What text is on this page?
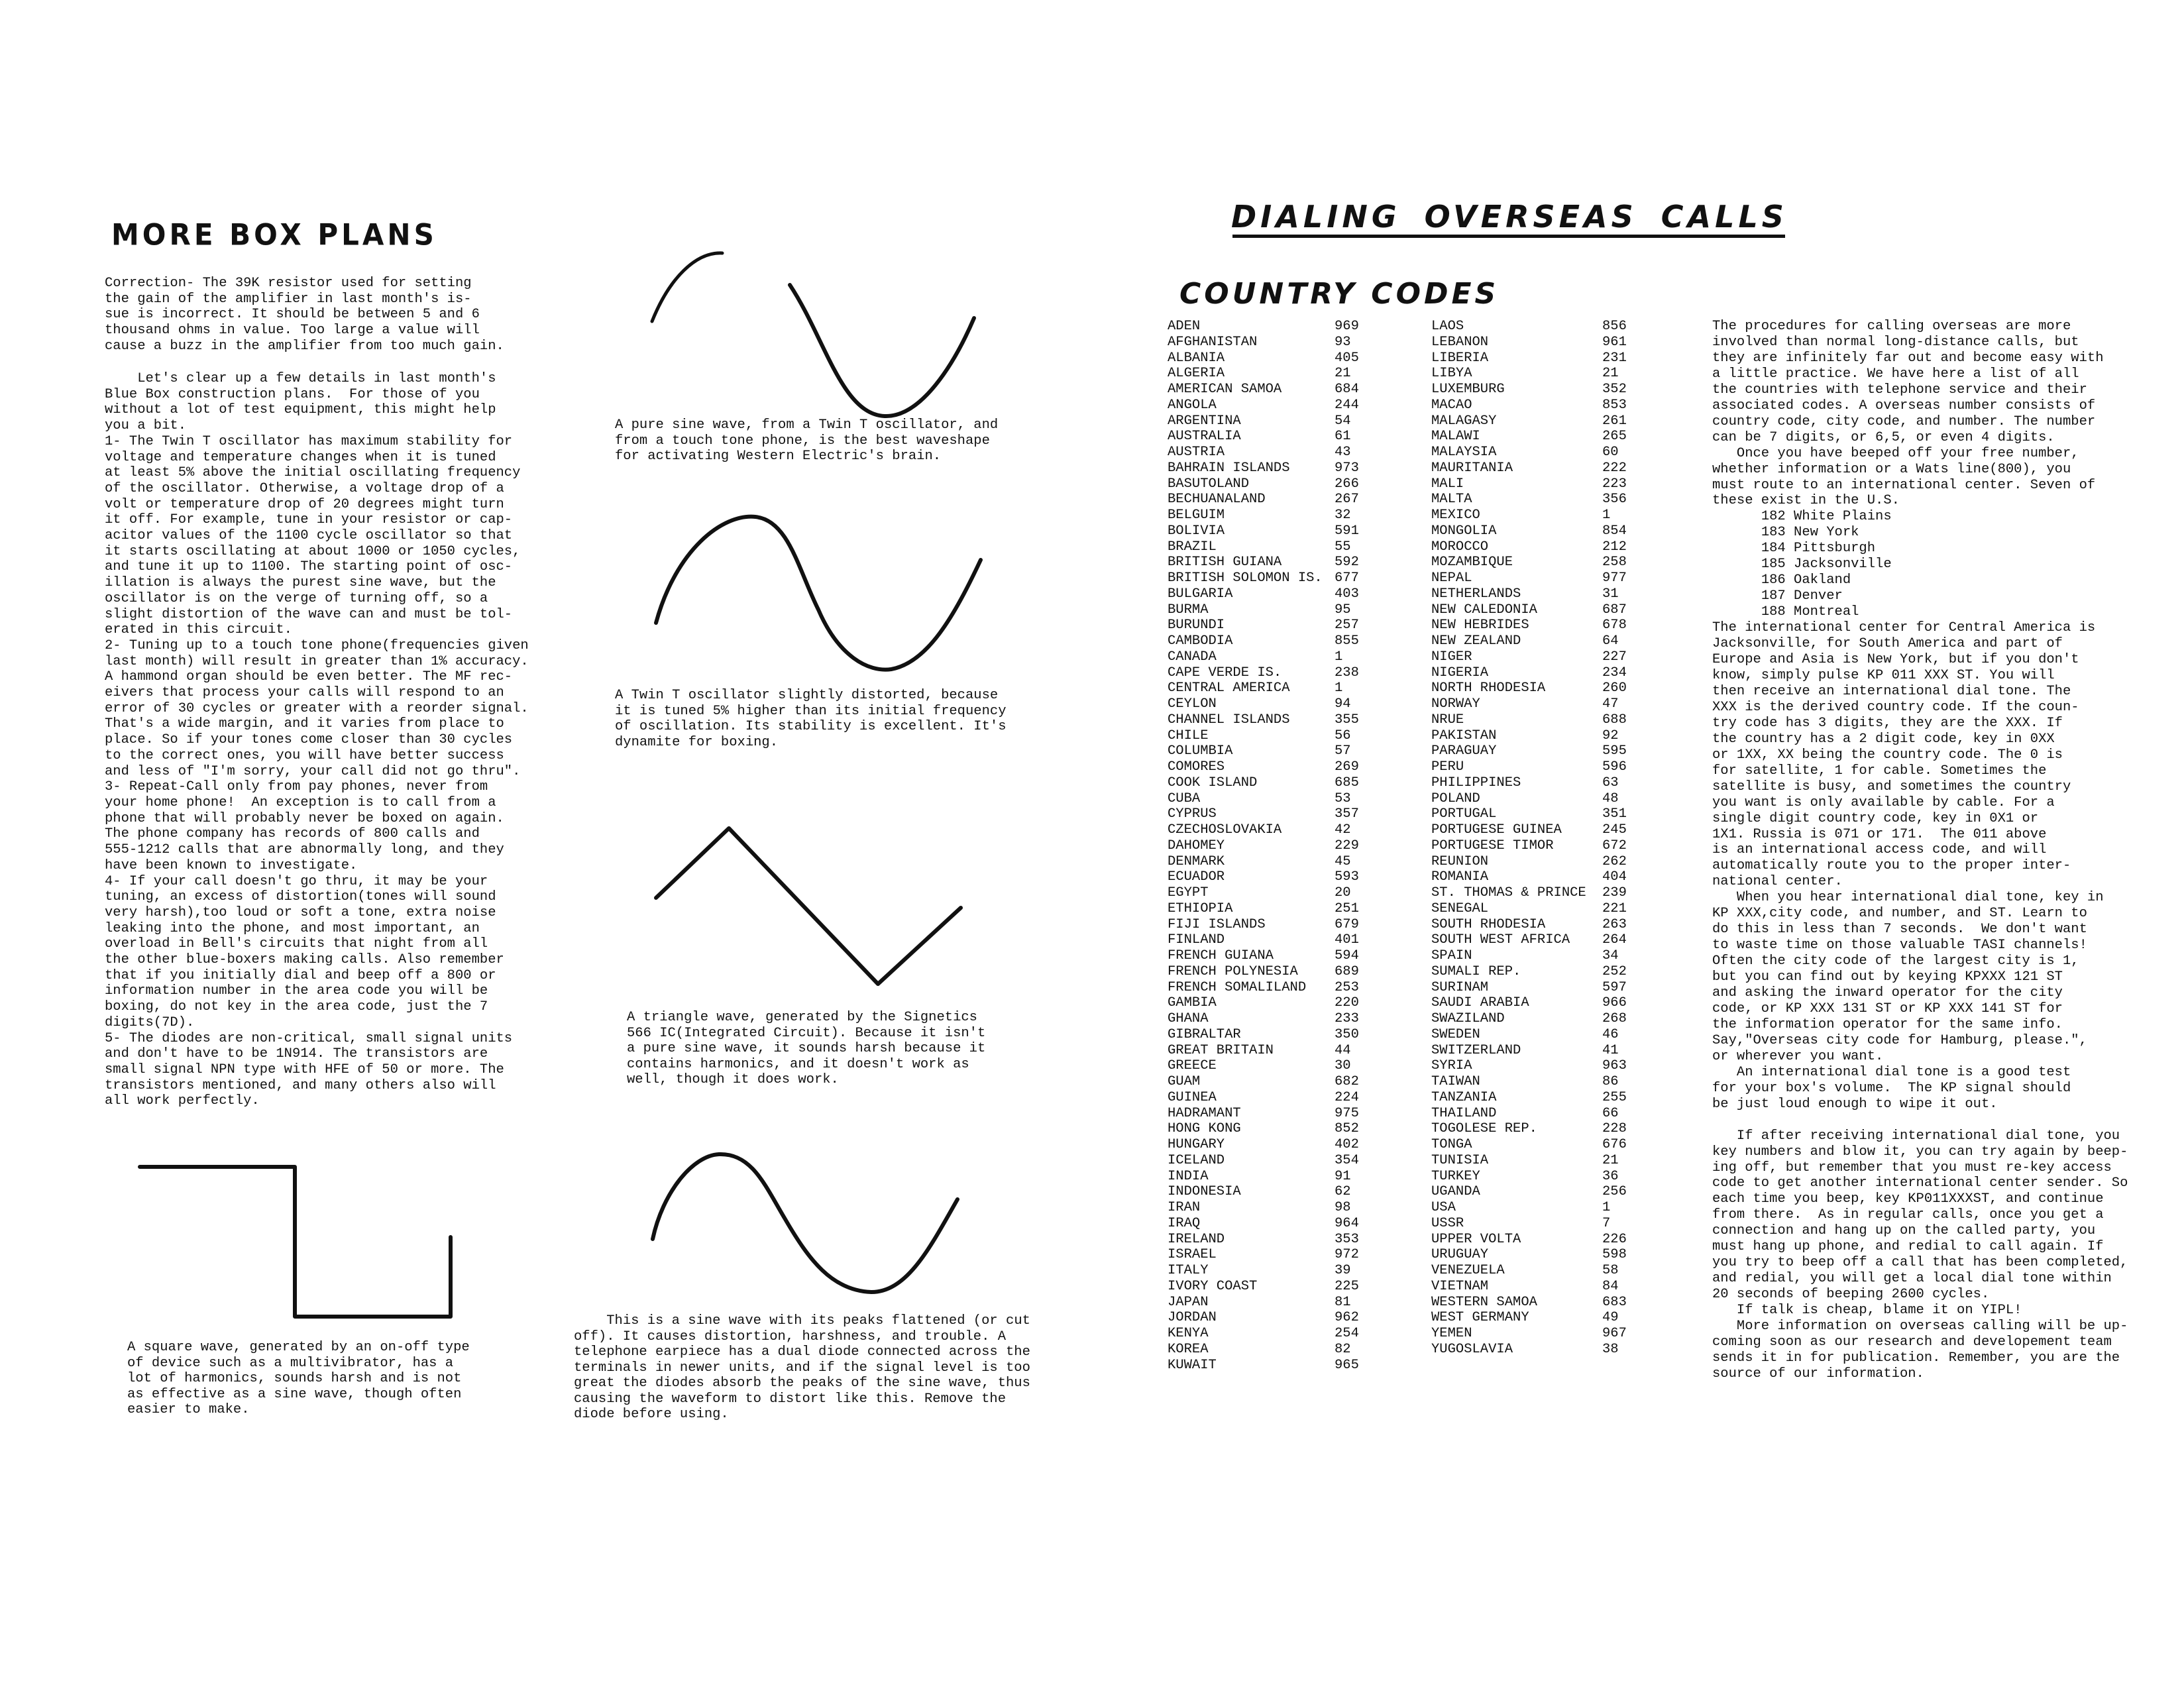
MORE BOX PLANS
Correction- The 39K resistor used for setting
the gain of the amplifier in last month's is-
sue is incorrect. It should be between 5 and 6
thousand ohms in value. Too large a value will
cause a buzz in the amplifier from too much gain.
Let's clear up a few details in last month's
Blue Box construction plans.  For those of you
without a lot of test equipment, this might help
you a bit.
1- The Twin T oscillator has maximum stability for
voltage and temperature changes when it is tuned
at least 5% above the initial oscillating frequency
of the oscillator. Otherwise, a voltage drop of a
volt or temperature drop of 20 degrees might turn
it off. For example, tune in your resistor or cap-
acitor values of the 1100 cycle oscillator so that
it starts oscillating at about 1000 or 1050 cycles,
and tune it up to 1100. The starting point of osc-
illation is always the purest sine wave, but the
oscillator is on the verge of turning off, so a
slight distortion of the wave can and must be tol-
erated in this circuit.
2- Tuning up to a touch tone phone(frequencies given
last month) will result in greater than 1% accuracy.
A hammond organ should be even better. The MF rec-
eivers that process your calls will respond to an
error of 30 cycles or greater with a reorder signal.
That's a wide margin, and it varies from place to
place. So if your tones come closer than 30 cycles
to the correct ones, you will have better success
and less of "I'm sorry, your call did not go thru".
3- Repeat-Call only from pay phones, never from
your home phone!  An exception is to call from a
phone that will probably never be boxed on again.
The phone company has records of 800 calls and
555-1212 calls that are abnormally long, and they
have been known to investigate.
4- If your call doesn't go thru, it may be your
tuning, an excess of distortion(tones will sound
very harsh),too loud or soft a tone, extra noise
leaking into the phone, and most important, an
overload in Bell's circuits that night from all
the other blue-boxers making calls. Also remember
that if you initially dial and beep off a 800 or
information number in the area code you will be
boxing, do not key in the area code, just the 7
digits(7D).
5- The diodes are non-critical, small signal units
and don't have to be 1N914. The transistors are
small signal NPN type with HFE of 50 or more. The
transistors mentioned, and many others also will
all work perfectly.
A square wave, generated by an on-off type
of device such as a multivibrator, has a
lot of harmonics, sounds harsh and is not
as effective as a sine wave, though often
easier to make.
A pure sine wave, from a Twin T oscillator, and
from a touch tone phone, is the best waveshape
for activating Western Electric's brain.
A Twin T oscillator slightly distorted, because
it is tuned 5% higher than its initial frequency
of oscillation. Its stability is excellent. It's
dynamite for boxing.
A triangle wave, generated by the Signetics
566 IC(Integrated Circuit). Because it isn't
a pure sine wave, it sounds harsh because it
contains harmonics, and it doesn't work as
well, though it does work.
This is a sine wave with its peaks flattened (or cut
off). It causes distortion, harshness, and trouble. A
telephone earpiece has a dual diode connected across the
terminals in newer units, and if the signal level is too
great the diodes absorb the peaks of the sine wave, thus
causing the waveform to distort like this. Remove the
diode before using.
DIALING OVERSEAS CALLS
COUNTRY CODES
ADEN	969
AFGHANISTAN	93
ALBANIA	405
ALGERIA	21
AMERICAN SAMOA	684
ANGOLA	244
ARGENTINA	54
AUSTRALIA	61
AUSTRIA	43
BAHRAIN ISLANDS	973
BASUTOLAND	266
BECHUANALAND	267
BELGUIM	32
BOLIVIA	591
BRAZIL	55
BRITISH GUIANA	592
BRITISH SOLOMON IS. 677
BULGARIA	403
BURMA	95
BURUNDI	257
CAMBODIA	855
CANADA	1
CAPE VERDE IS.	238
CENTRAL AMERICA	1
CEYLON	94
CHANNEL ISLANDS	355
CHILE	56
COLUMBIA	57
COMORES	269
COOK ISLAND	685
CUBA	53
CYPRUS	357
CZECHOSLOVAKIA	42
DAHOMEY	229
DENMARK	45
ECUADOR	593
EGYPT	20
ETHIOPIA	251
FIJI ISLANDS	679
FINLAND	401
FRENCH GUIANA	594
FRENCH POLYNESIA	689
FRENCH SOMALILAND	253
GAMBIA	220
GHANA	233
GIBRALTAR	350
GREAT BRITAIN	44
GREECE	30
GUAM	682
GUINEA	224
HADRAMANT	975
HONG KONG	852
HUNGARY	402
ICELAND	354
INDIA	91
INDONESIA	62
IRAN	98
IRAQ	964
IRELAND	353
ISRAEL	972
ITALY	39
IVORY COAST	225
JAPAN	81
JORDAN	962
KENYA	254
KOREA	82
KUWAIT	965
LAOS	856
LEBANON	961
LIBERIA	231
LIBYA	21
LUXEMBURG	352
MACAO	853
MALAGASY	261
MALAWI	265
MALAYSIA	60
MAURITANIA	222
MALI	223
MALTA	356
MEXICO	1
MONGOLIA	854
MOROCCO	212
MOZAMBIQUE	258
NEPAL	977
NETHERLANDS	31
NEW CALEDONIA	687
NEW HEBRIDES	678
NEW ZEALAND	64
NIGER	227
NIGERIA	234
NORTH RHODESIA	260
NORWAY	47
NRUE	688
PAKISTAN	92
PARAGUAY	595
PERU	596
PHILIPPINES	63
POLAND	48
PORTUGAL	351
PORTUGESE GUINEA	245
PORTUGESE TIMOR	672
REUNION	262
ROMANIA	404
ST. THOMAS & PRINCE	239
SENEGAL	221
SOUTH RHODESIA	263
SOUTH WEST AFRICA	264
SPAIN	34
SUMALI REP.	252
SURINAM	597
SAUDI ARABIA	966
SWAZILAND	268
SWEDEN	46
SWITZERLAND	41
SYRIA	963
TAIWAN	86
TANZANIA	255
THAILAND	66
TOGOLESE REP.	228
TONGA	676
TUNISIA	21
TURKEY	36
UGANDA	256
USA	1
USSR	7
UPPER VOLTA	226
URUGUAY	598
VENEZUELA	58
VIETNAM	84
WESTERN SAMOA	683
WEST GERMANY	49
YEMEN	967
YUGOSLAVIA	38
The procedures for calling overseas are more
involved than normal long-distance calls, but
they are infinitely far out and become easy with
a little practice. We have here a list of all
the countries with telephone service and their
associated codes. A overseas number consists of
country code, city code, and number. The number
can be 7 digits, or 6,5, or even 4 digits.
Once you have beeped off your free number,
whether information or a Wats line(800), you
must route to an international center. Seven of
these exist in the U.S.
182 White Plains
183 New York
184 Pittsburgh
185 Jacksonville
186 Oakland
187 Denver
188 Montreal
The international center for Central America is
Jacksonville, for South America and part of
Europe and Asia is New York, but if you don't
know, simply pulse KP 011 XXX ST. You will
then receive an international dial tone. The
XXX is the derived country code. If the coun-
try code has 3 digits, they are the XXX. If
the country has a 2 digit code, key in 0XX
or 1XX, XX being the country code. The 0 is
for satellite, 1 for cable. Sometimes the
satellite is busy, and sometimes the country
you want is only available by cable. For a
single digit country code, key in 0X1 or
1X1. Russia is 071 or 171.  The 011 above
is an international access code, and will
automatically route you to the proper inter-
national center.
When you hear international dial tone, key in
KP XXX,city code, and number, and ST. Learn to
do this in less than 7 seconds.  We don't want
to waste time on those valuable TASI channels!
Often the city code of the largest city is 1,
but you can find out by keying KPXXX 121 ST
and asking the inward operator for the city
code, or KP XXX 131 ST or KP XXX 141 ST for
the information operator for the same info.
Say,"Overseas city code for Hamburg, please.",
or wherever you want.
An international dial tone is a good test
for your box's volume.  The KP signal should
be just loud enough to wipe it out.

If after receiving international dial tone, you
key numbers and blow it, you can try again by beep-
ing off, but remember that you must re-key access
code to get another international center sender. So
each time you beep, key KP011XXXST, and continue
from there.  As in regular calls, once you get a
connection and hang up on the called party, you
must hang up phone, and redial to call again. If
you try to beep off a call that has been completed,
and redial, you will get a local dial tone within
20 seconds of beeping 2600 cycles.
If talk is cheap, blame it on YIPL!
More information on overseas calling will be up-
coming soon as our research and developement team
sends it in for publication. Remember, you are the
source of our information.
